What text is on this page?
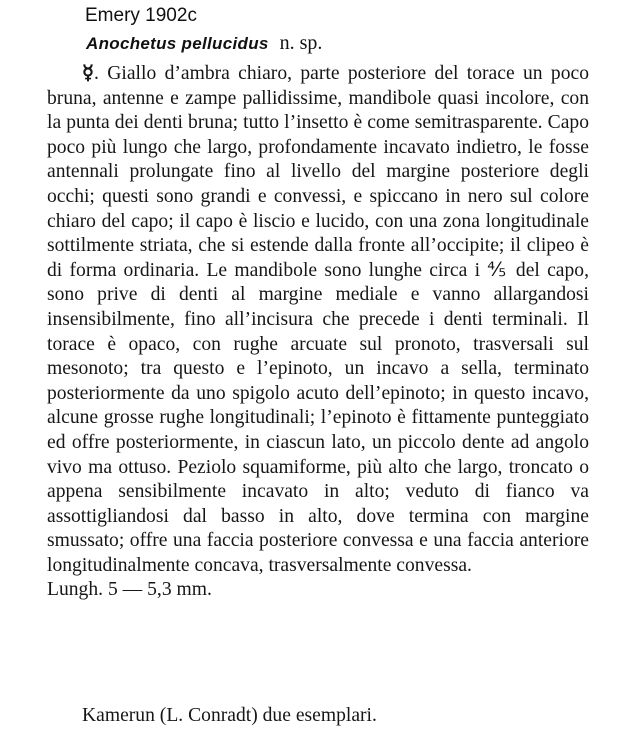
Emery 1902c
Anochetus pellucidus n. sp.

☿. Giallo d’ambra chiaro, parte posteriore del torace un poco bruna, antenne e zampe pallidissime, mandibole quasi incolore, con la punta dei denti bruna; tutto l’insetto è come semitrasparente. Capo poco più lungo che largo, profondamente incavato indietro, le fosse antennali prolungate fino al livello del margine posteriore degli occhi; questi sono grandi e convessi, e spiccano in nero sul colore chiaro del capo; il capo è liscio e lucido, con una zona longitudinale sottilmente striata, che si estende dalla fronte all’occipite; il clipeo è di forma ordinaria. Le mandibole sono lunghe circa i ⅘ del capo, sono prive di denti al margine mediale e vanno allargandosi insensibilmente, fino all’incisura che precede i denti terminali. Il torace è opaco, con rughe arcuate sul pronoto, trasversali sul mesonoto; tra questo e l’epinoto, un incavo a sella, terminato posteriormente da uno spigolo acuto dell’epinoto; in questo incavo, alcune grosse rughe longitudinali; l’epinoto è fittamente punteggiato ed offre posteriormente, in ciascun lato, un piccolo dente ad angolo vivo ma ottuso. Peziolo squamiforme, più alto che largo, troncato o appena sensibilmente incavato in alto; veduto di fianco va assottigliandosi dal basso in alto, dove termina con margine smussato; offre una faccia posteriore convessa e una faccia anteriore longitudinalmente concava, trasversalmente convessa.

Lungh. 5 — 5,3 mm.
Kamerun (L. Conradt) due esemplari.
